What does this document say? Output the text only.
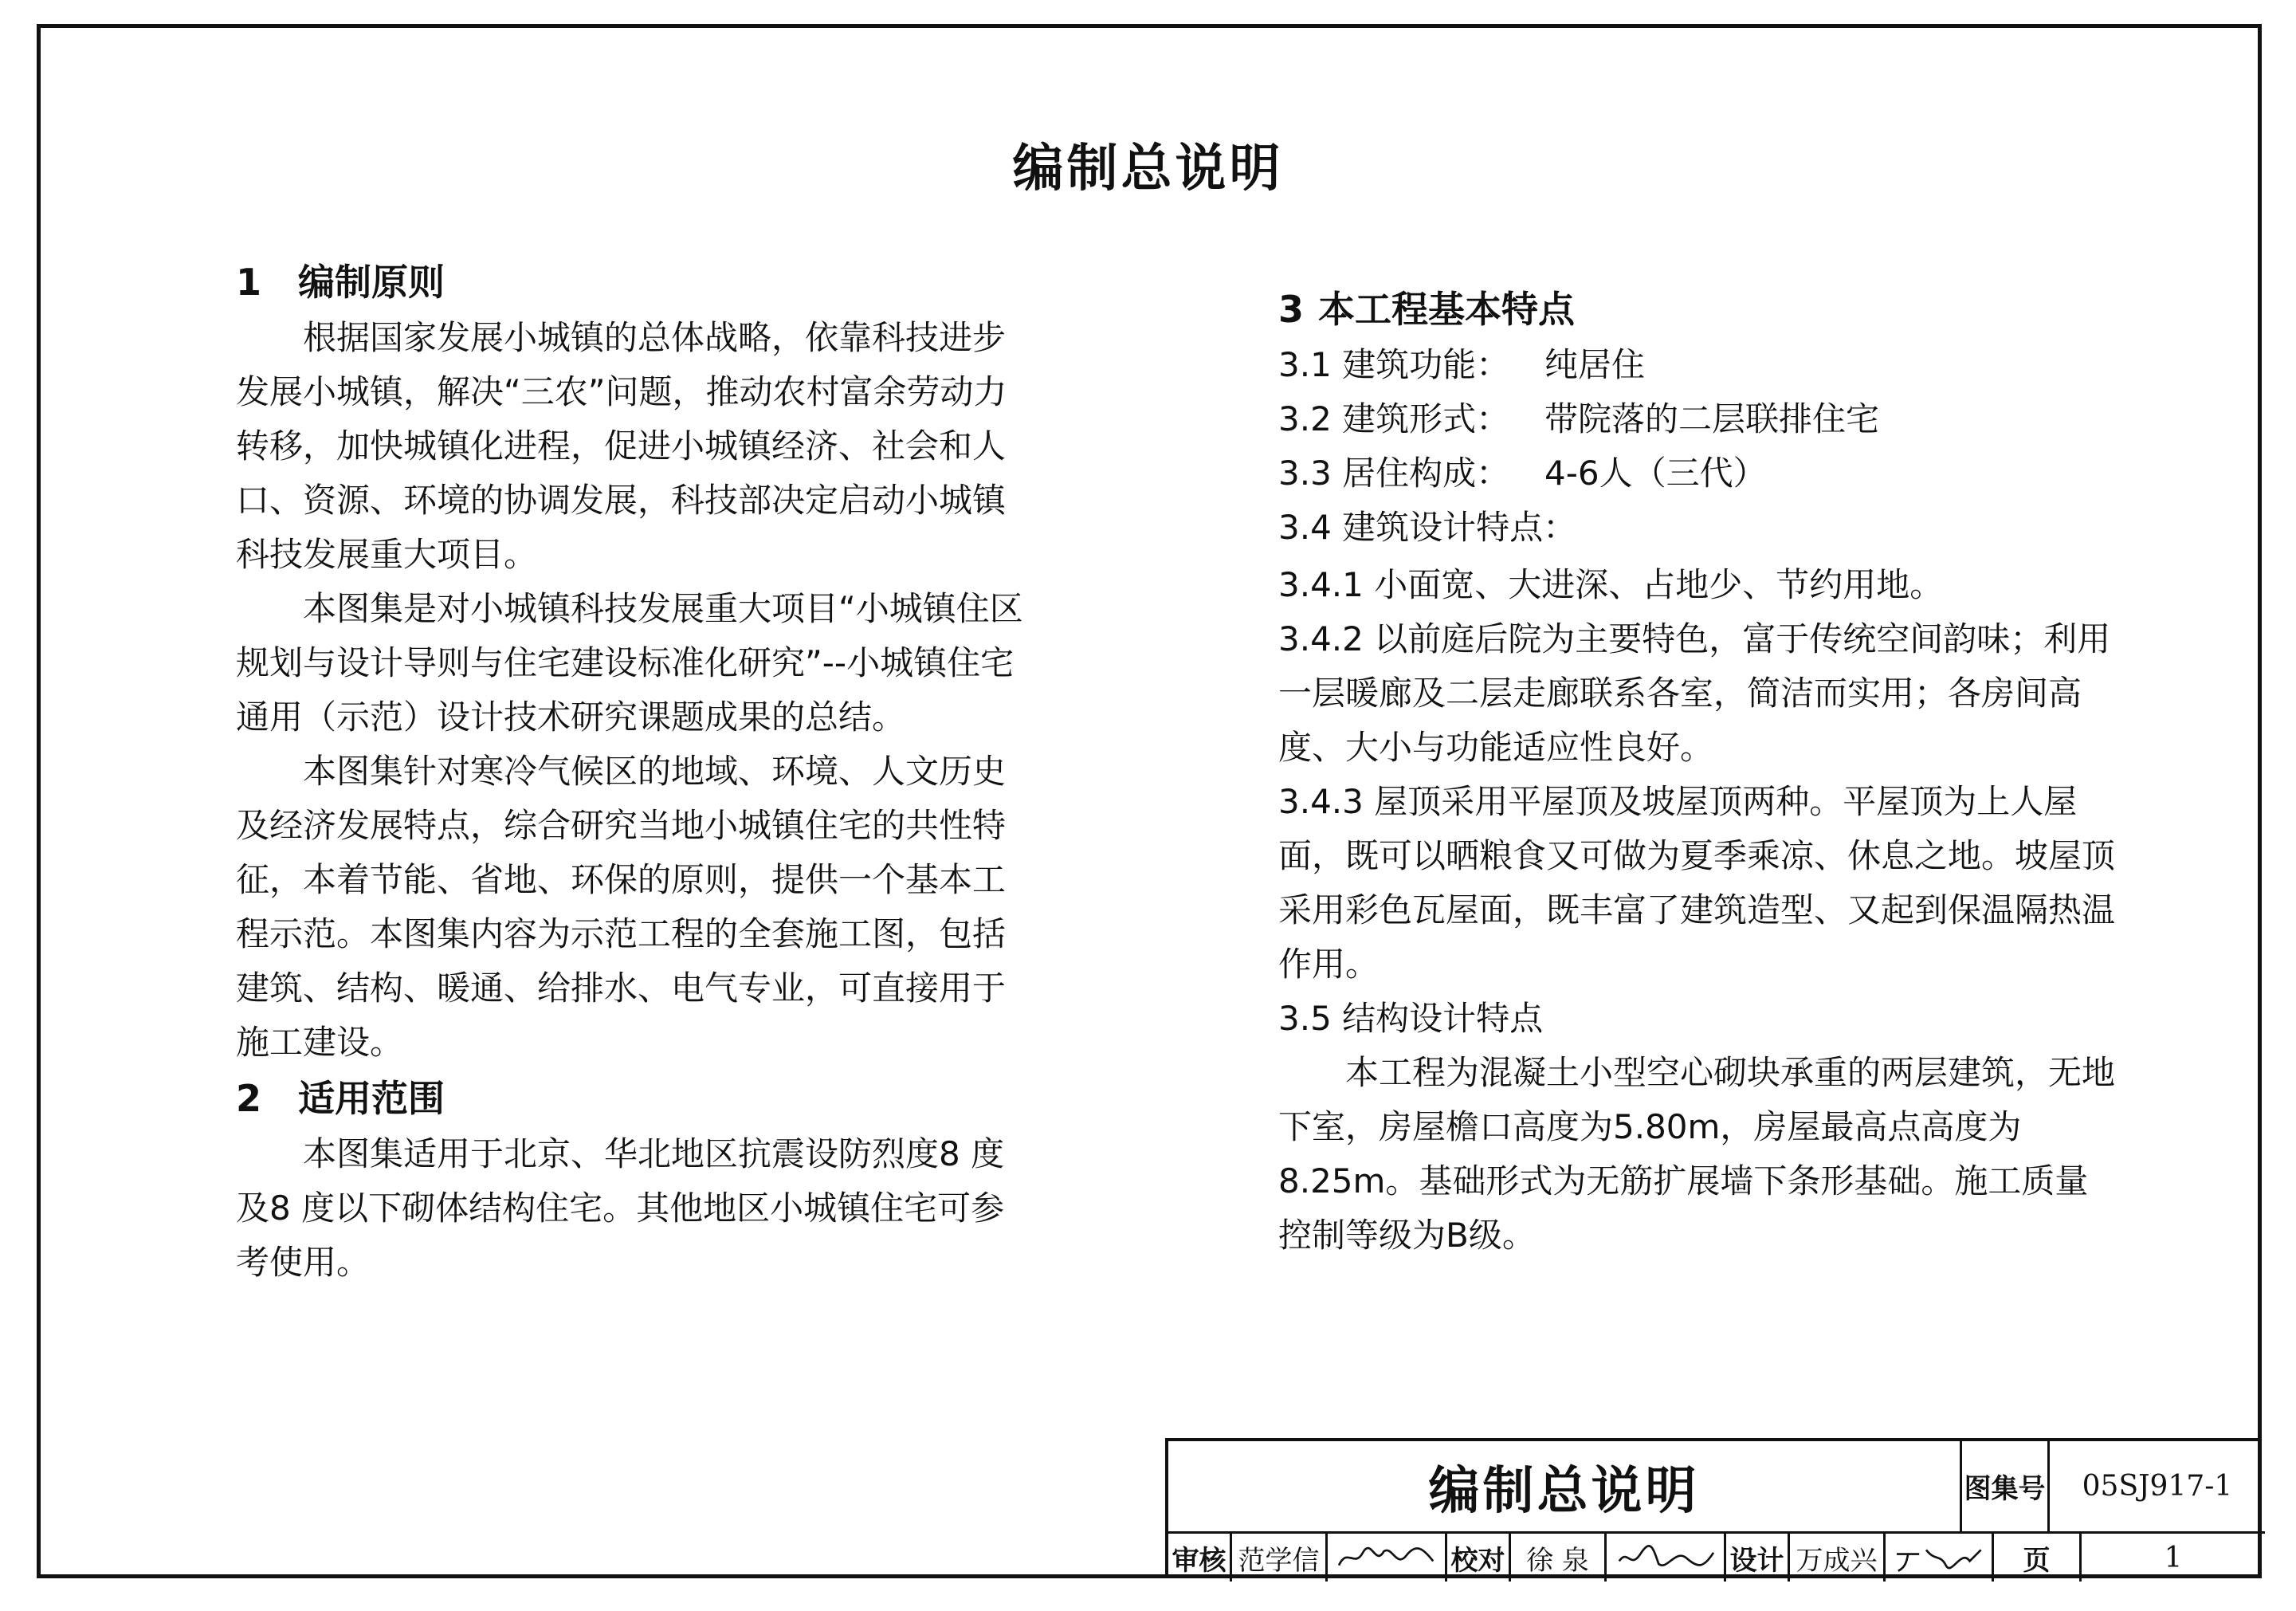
编制总说明

1 编制原则

根据国家发展小城镇的总体战略，依靠科技进步发展小城镇，解决“三农”问题，推动农村富余劳动力转移，加快城镇化进程，促进小城镇经济、社会和人口、资源、环境的协调发展，科技部决定启动小城镇科技发展重大项目。

本图集是对小城镇科技发展重大项目“小城镇住区规划与设计导则与住宅建设标准化研究”--小城镇住宅通用（示范）设计技术研究课题成果的总结。

本图集针对寒冷气候区的地域、环境、人文历史及经济发展特点，综合研究当地小城镇住宅的共性特征，本着节能、省地、环保的原则，提供一个基本工程示范。本图集内容为示范工程的全套施工图，包括建筑、结构、暖通、给排水、电气专业，可直接用于施工建设。

2 适用范围

本图集适用于北京、华北地区抗震设防烈度8 度及8 度以下砌体结构住宅。其他地区小城镇住宅可参考使用。

3 本工程基本特点

3.1 建筑功能： 纯居住

3.2 建筑形式： 带院落的二层联排住宅

3.3 居住构成： 4-6人（三代）

3.4 建筑设计特点：

3.4.1 小面宽、大进深、占地少、节约用地。

3.4.2 以前庭后院为主要特色，富于传统空间韵味；利用一层暖廊及二层走廊联系各室，简洁而实用；各房间高度、大小与功能适应性良好。

3.4.3 屋顶采用平屋顶及坡屋顶两种。平屋顶为上人屋面，既可以晒粮食又可做为夏季乘凉、休息之地。坡屋顶采用彩色瓦屋面，既丰富了建筑造型、又起到保温隔热温作用。

3.5 结构设计特点

本工程为混凝土小型空心砌块承重的两层建筑，无地下室，房屋檐口高度为5.80m，房屋最高点高度为 8.25m。基础形式为无筋扩展墙下条形基础。施工质量控制等级为B级。

编制总说明	图集号	05SJ917-1
审核 范学信	校对 徐 泉	设计 万成兴	页	1
